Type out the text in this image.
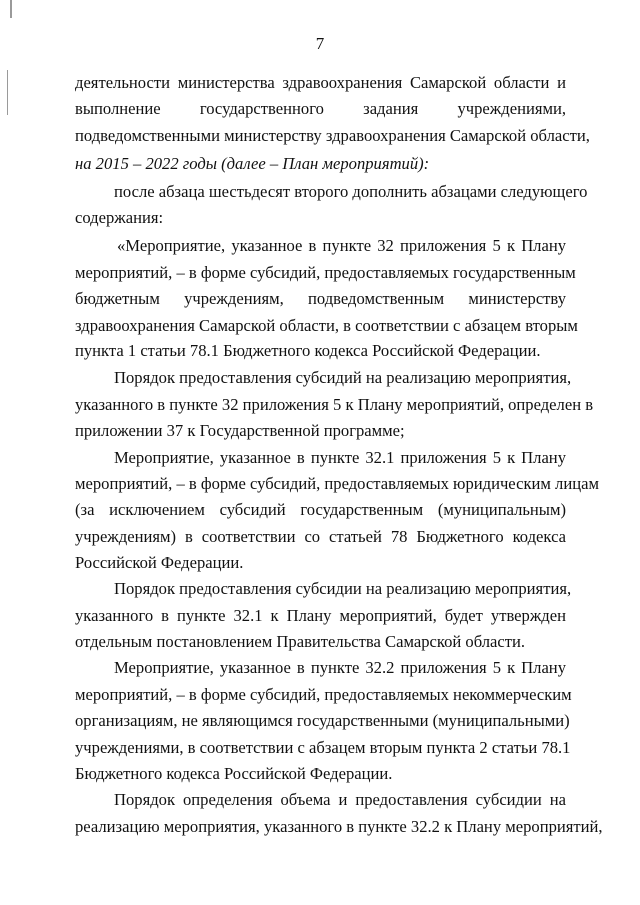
7
деятельности министерства здравоохранения Самарской области и
выполнение государственного задания учреждениями,
подведомственными министерству здравоохранения Самарской области,
на 2015 – 2022 годы (далее – План мероприятий):
после абзаца шестьдесят второго дополнить абзацами следующего
содержания:
«Мероприятие, указанное в пункте 32 приложения 5 к Плану
мероприятий, – в форме субсидий, предоставляемых государственным
бюджетным учреждениям, подведомственным министерству
здравоохранения Самарской области, в соответствии с абзацем вторым
пункта 1 статьи 78.1 Бюджетного кодекса Российской Федерации.
Порядок предоставления субсидий на реализацию мероприятия,
указанного в пункте 32 приложения 5 к Плану мероприятий, определен в
приложении 37 к Государственной программе;
Мероприятие, указанное в пункте 32.1 приложения 5 к Плану
мероприятий, – в форме субсидий, предоставляемых юридическим лицам
(за исключением субсидий государственным (муниципальным)
учреждениям) в соответствии со статьей 78 Бюджетного кодекса
Российской Федерации.
Порядок предоставления субсидии на реализацию мероприятия,
указанного в пункте 32.1 к Плану мероприятий, будет утвержден
отдельным постановлением Правительства Самарской области.
Мероприятие, указанное в пункте 32.2 приложения 5 к Плану
мероприятий, – в форме субсидий, предоставляемых некоммерческим
организациям, не являющимся государственными (муниципальными)
учреждениями, в соответствии с абзацем вторым пункта 2 статьи 78.1
Бюджетного кодекса Российской Федерации.
Порядок определения объема и предоставления субсидии на
реализацию мероприятия, указанного в пункте 32.2 к Плану мероприятий,
